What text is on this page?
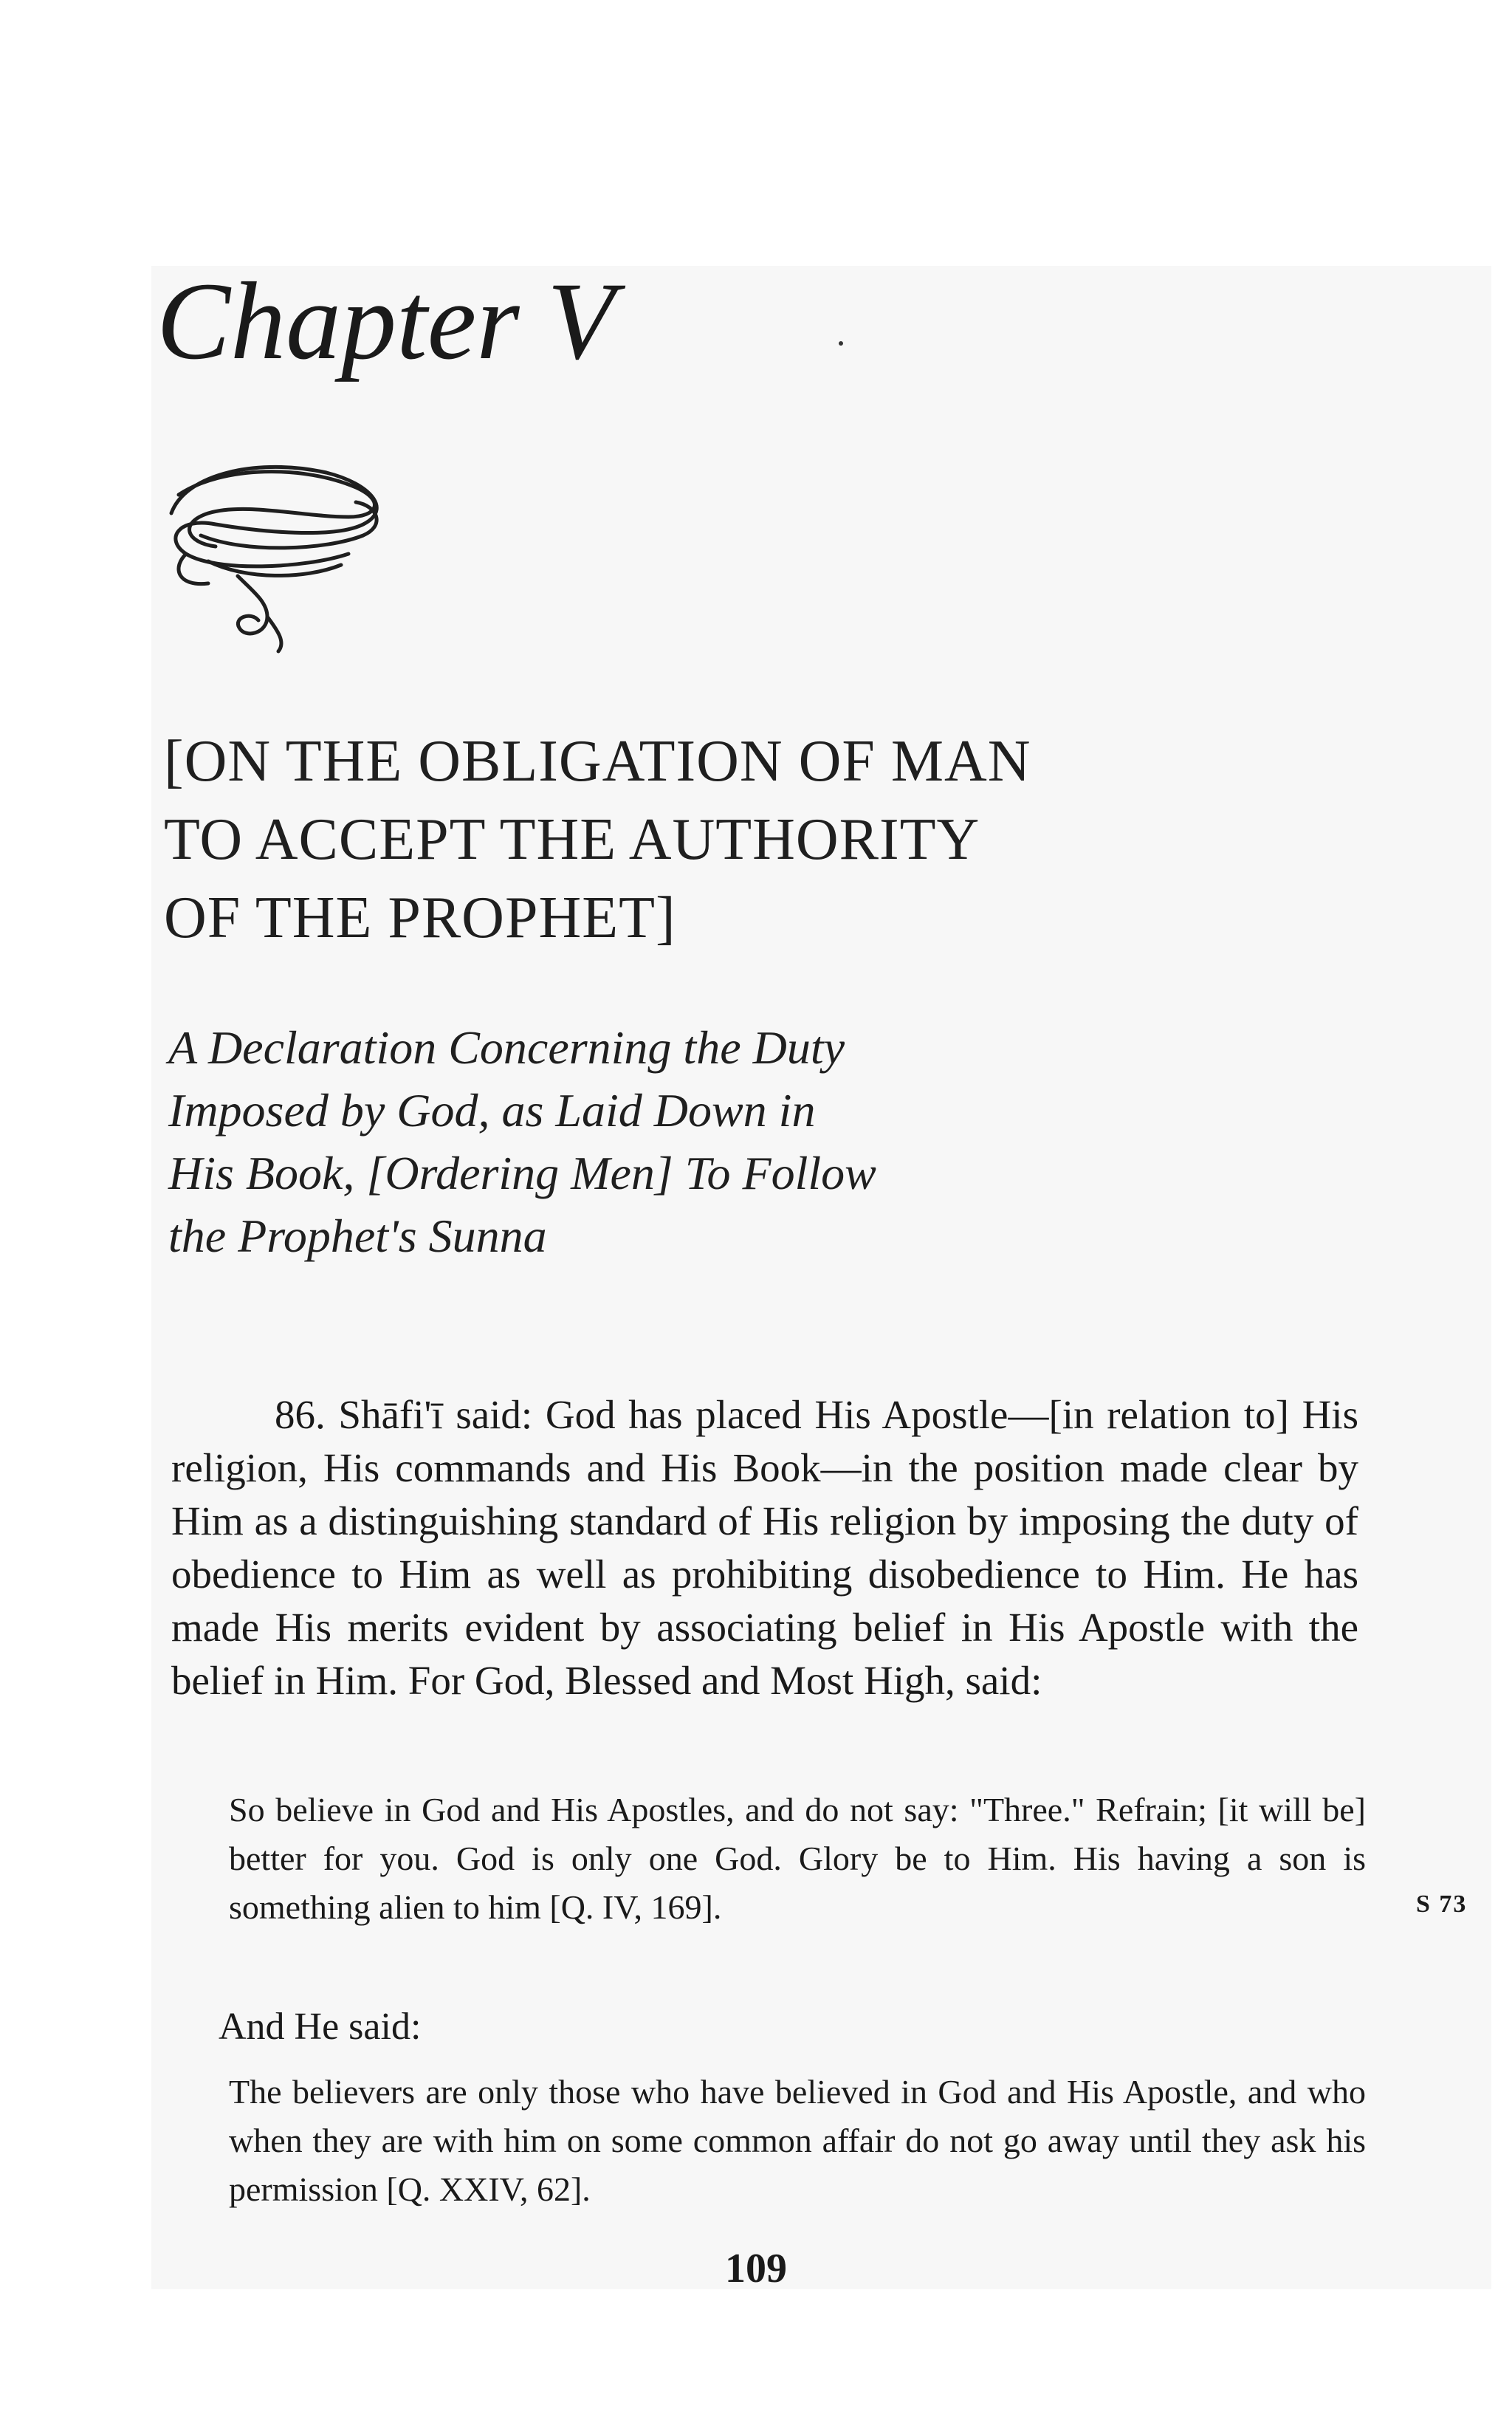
Chapter V
[ON THE OBLIGATION OF MAN
TO ACCEPT THE AUTHORITY
OF THE PROPHET]
A Declaration Concerning the Duty
Imposed by God, as Laid Down in
His Book, [Ordering Men] To Follow
the Prophet's Sunna
86. Shāfi'ī said: God has placed His Apostle—[in relation to] His religion, His commands and His Book—in the position made clear by Him as a distinguishing standard of His religion by imposing the duty of obedience to Him as well as prohibiting disobedience to Him. He has made His merits evident by associating belief in His Apostle with the belief in Him. For God, Blessed and Most High, said:
So believe in God and His Apostles, and do not say: "Three." Refrain; [it will be] better for you. God is only one God. Glory be to Him. His having a son is something alien to him [Q. IV, 169].	S 73
And He said:
The believers are only those who have believed in God and His Apostle, and who when they are with him on some common affair do not go away until they ask his permission [Q. XXIV, 62].
109
